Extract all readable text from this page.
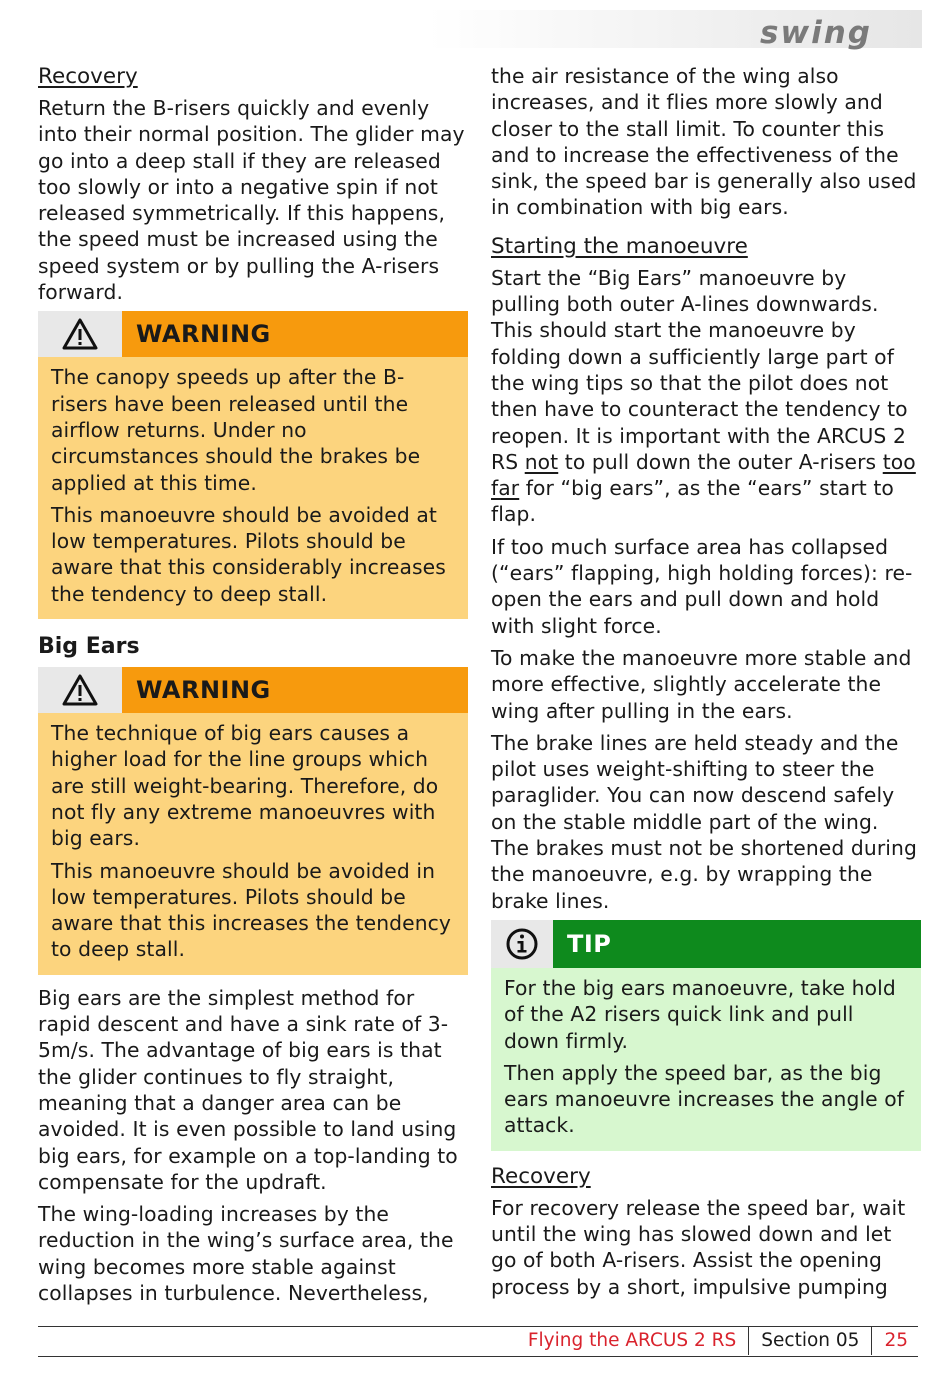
swing
Recovery

Return the B-risers quickly and evenly into their normal position. The glider may go into a deep stall if they are released too slowly or into a negative spin if not released symmetrically. If this happens, the speed must be increased using the speed system or by pulling the A-risers forward.

WARNING

The canopy speeds up after the B-risers have been released until the airflow returns. Under no circumstances should the brakes be applied at this time.

This manoeuvre should be avoided at low temperatures. Pilots should be aware that this considerably increases the tendency to deep stall.

Big Ears
WARNING

The technique of big ears causes a higher load for the line groups which are still weight-bearing. Therefore, do not fly any extreme manoeuvres with big ears.

This manoeuvre should be avoided in low temperatures. Pilots should be aware that this increases the tendency to deep stall.

Big ears are the simplest method for rapid descent and have a sink rate of 3-5m/s. The advantage of big ears is that the glider continues to fly straight, meaning that a danger area can be avoided. It is even possible to land using big ears, for example on a top-landing to compensate for the updraft.

The wing-loading increases by the reduction in the wing’s surface area, the wing becomes more stable against collapses in turbulence. Nevertheless,

the air resistance of the wing also increases, and it flies more slowly and closer to the stall limit. To counter this and to increase the effectiveness of the sink, the speed bar is generally also used in combination with big ears.

Starting the manoeuvre

Start the “Big Ears” manoeuvre by pulling both outer A-lines downwards. This should start the manoeuvre by folding down a sufficiently large part of the wing tips so that the pilot does not then have to counteract the tendency to reopen. It is important with the ARCUS 2 RS not to pull down the outer A-risers too far for “big ears”, as the “ears” start to flap.

If too much surface area has collapsed (“ears” flapping, high holding forces): re-open the ears and pull down and hold with slight force.

To make the manoeuvre more stable and more effective, slightly accelerate the wing after pulling in the ears.

The brake lines are held steady and the pilot uses weight-shifting to steer the paraglider. You can now descend safely on the stable middle part of the wing. The brakes must not be shortened during the manoeuvre, e.g. by wrapping the brake lines.

TIP

For the big ears manoeuvre, take hold of the A2 risers quick link and pull down firmly.

Then apply the speed bar, as the big ears manoeuvre increases the angle of attack.

Recovery

For recovery release the speed bar, wait until the wing has slowed down and let go of both A-risers. Assist the opening process by a short, impulsive pumping

Flying the ARCUS 2 RS	Section 05	25
